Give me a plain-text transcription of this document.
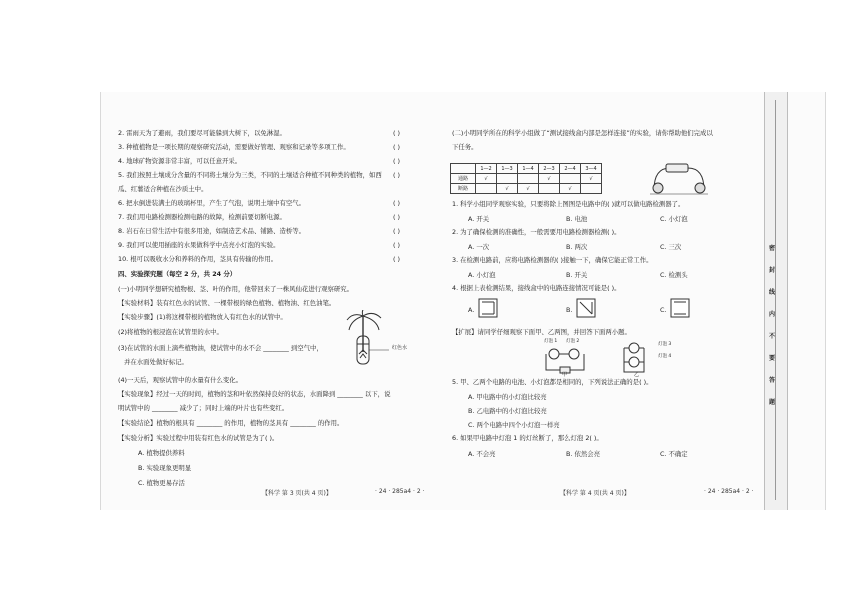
2. 雷雨天为了避雨，我们要尽可能躲到大树下，以免淋湿。	( )
3. 种植植物是一项长期的观察研究活动，需要做好管理、观察和记录等多项工作。	( )
4. 地球矿物资源非常丰富，可以任意开采。	( )
5. 我们按照土壤成分含量的不同将土壤分为三类，不同的土壤适合种植不同种类的植物，如西 ( )
瓜、红薯适合种植在沙质土中。
6. 把水倒进装满土的玻璃杯里，产生了气泡，说明土壤中有空气。	( )
7. 我们用电路检测器检测电路的故障，检测前要切断电源。	( )
8. 岩石在日常生活中有很多用途，如制造艺术品、铺路、造桥等。	( )
9. 我们可以使用插座的水果做科学中点亮小灯泡的实验。	( )
10. 根可以吸收水分和养料的作用，茎具有传输的作用。	( )
四、实验探究题（每空 2 分，共 24 分）
(一)小明同学想研究植物根、茎、叶的作用，他带回来了一株风仙花进行观察研究。
【实验材料】装有红色水的试管、一棵带根的绿色植物、植物油、红色油笔。
【实验步骤】(1)将这棵带根的植物放入有红色水的试管中。
(2)将植物的根浸泡在试管里的水中。
(3)在试管的水面上滴些植物油，使试管中的水不会 ________ 到空气中，
并在水面处做好标记。
(4)一天后，观察试管中的水量有什么变化。
【实验现象】经过一天的时间，植物的茎和叶依然保持良好的状态，水面降到 ________ 以下，说
明试管中的 ________ 减少了；同时上端的叶片也有些变红。
【实验结论】植物的根具有 ________ 的作用，植物的茎具有 ________ 的作用。
【实验分析】实验过程中用装有红色水的试管是为了( )。
A. 植物提供养料
B. 实验现象更明显
C. 植物更易存活
红色水
【科学 第 3 页(共 4 页)】	· 24 · 285a4 · 2 ·
(二)小明同学所在的科学小组做了“测试接线盒内部是怎样连接”的实验，请你帮助他们完成以
下任务。
	1—2	1—3	1—4	2—3	2—4	3—4
通路	√			√		√
断路		√	√		√	
1. 科学小组同学观察实验，只要将除上图图是电路中的( )就可以做电路检测器了。
A. 开关	B. 电池	C. 小灯泡
2. 为了确保检测的准确性，一般需要用电路检测器检测( )。
A. 一次	B. 两次	C. 三次
3. 在检测电路前，应将电路检测器的( )接触一下，确保它能正常工作。
A. 小灯泡	B. 开关	C. 检测头
4. 根据上表检测结果，接线盒中的电路连接情况可能是( )。
A.	B.	C.
【扩展】请同学仔细观察下面甲、乙两图，并回答下面两小题。
灯泡 1 灯泡 2
甲
灯泡 3
灯泡 4
乙
5. 甲、乙两个电路的电池、小灯泡都是相同的，下列说法正确的是( )。
A. 甲电路中的小灯泡比较亮
B. 乙电路中的小灯泡比较亮
C. 两个电路中四个小灯泡一样亮
6. 如果甲电路中灯泡 1 的灯丝断了，那么灯泡 2( )。
A. 不会亮	B. 依然会亮	C. 不确定
【科学 第 4 页(共 4 页)】	· 24 · 285a4 · 2 ·
密
封
线
内
不
要
答
题
